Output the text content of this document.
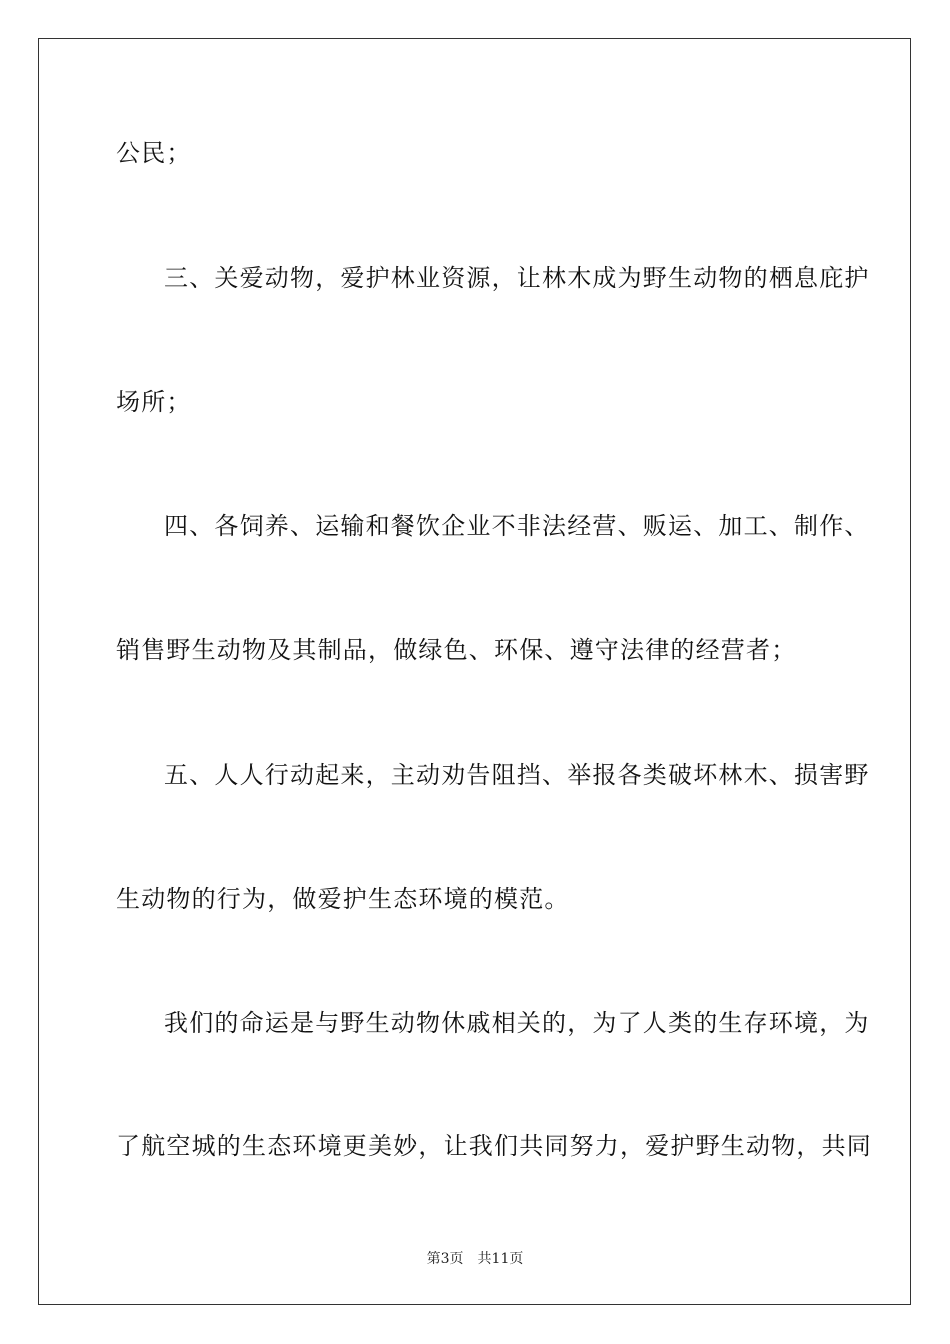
公民；
三、关爱动物，爱护林业资源，让林木成为野生动物的栖息庇护
场所；
四、各饲养、运输和餐饮企业不非法经营、贩运、加工、制作、
销售野生动物及其制品，做绿色、环保、遵守法律的经营者；
五、人人行动起来，主动劝告阻挡、举报各类破坏林木、损害野
生动物的行为，做爱护生态环境的模范。
我们的命运是与野生动物休戚相关的，为了人类的生存环境，为
了航空城的生态环境更美妙，让我们共同努力，爱护野生动物，共同
第3页 共11页
